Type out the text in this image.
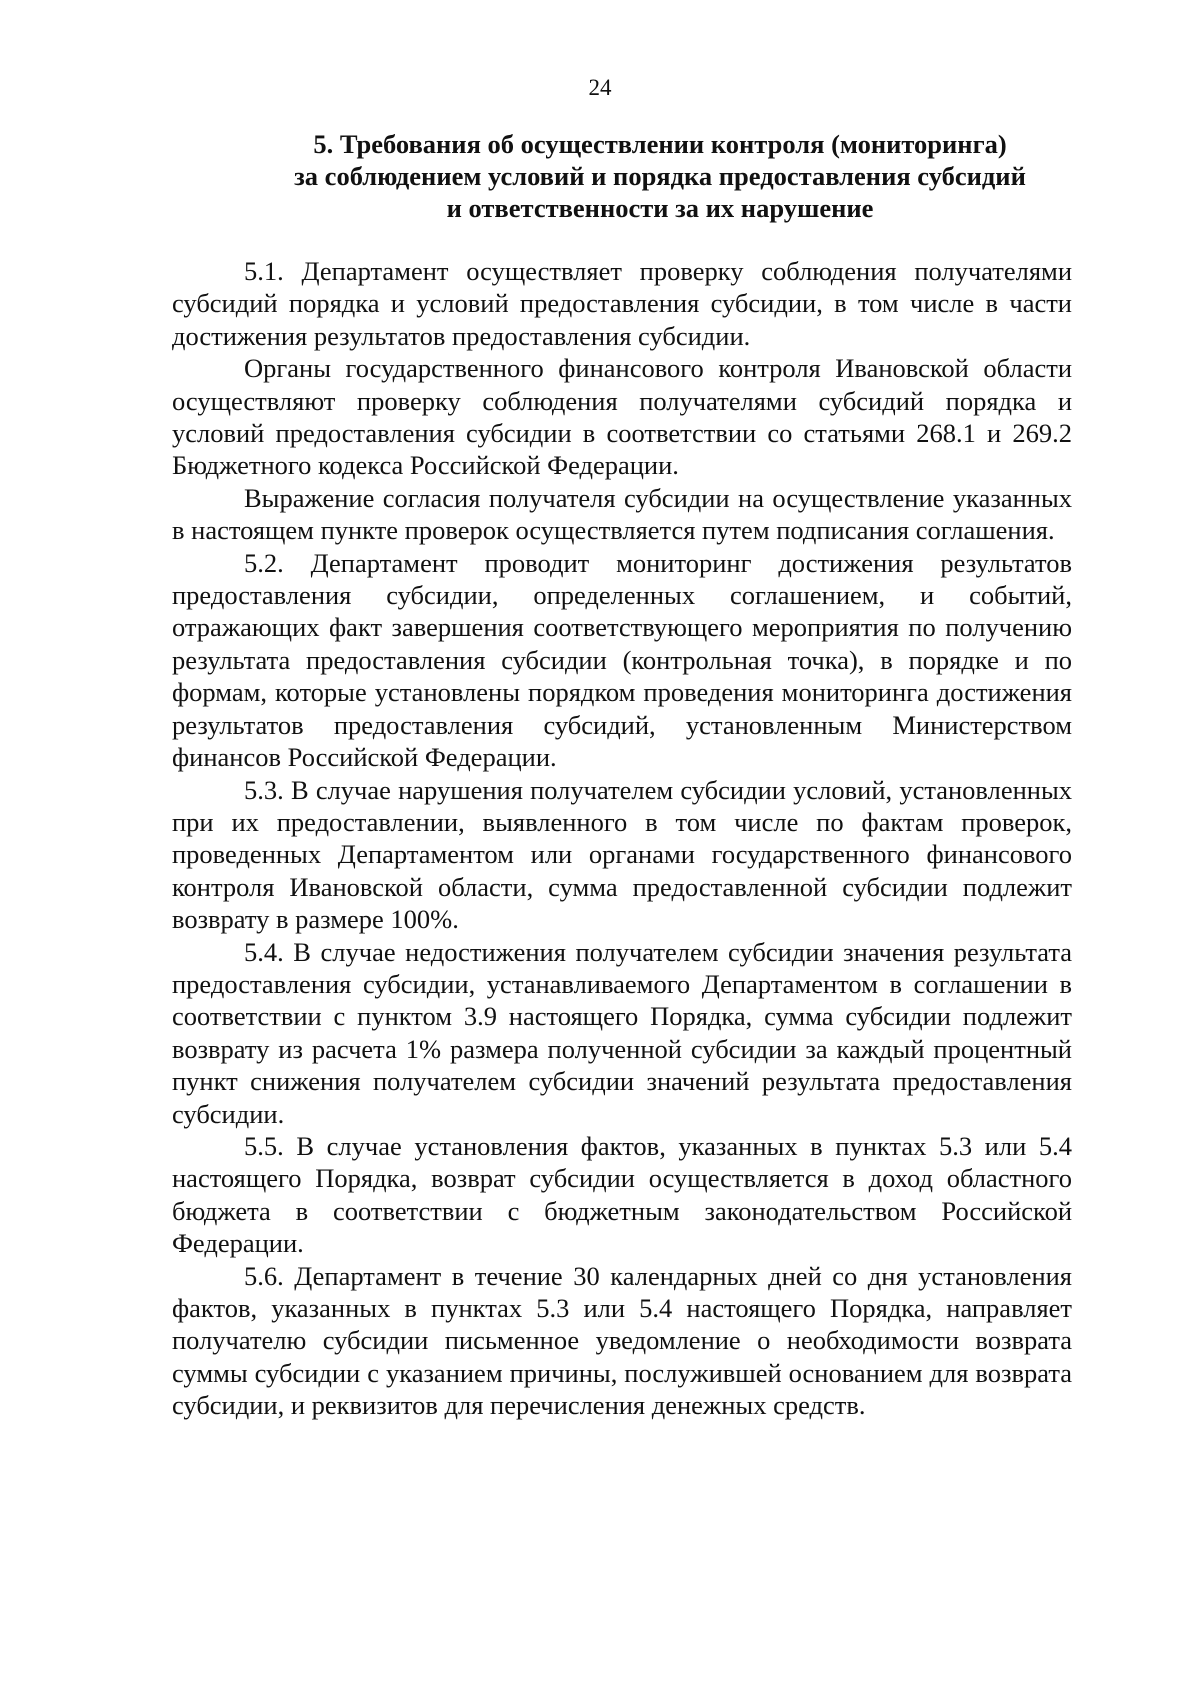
24
5. Требования об осуществлении контроля (мониторинга)
за соблюдением условий и порядка предоставления субсидий
и ответственности за их нарушение

5.1. Департамент осуществляет проверку соблюдения получателями субсидий порядка и условий предоставления субсидии, в том числе в части достижения результатов предоставления субсидии.

Органы государственного финансового контроля Ивановской области осуществляют проверку соблюдения получателями субсидий порядка и условий предоставления субсидии в соответствии со статьями 268.1 и 269.2 Бюджетного кодекса Российской Федерации.

Выражение согласия получателя субсидии на осуществление указанных в настоящем пункте проверок осуществляется путем подписания соглашения.

5.2. Департамент проводит мониторинг достижения результатов предоставления субсидии, определенных соглашением, и событий, отражающих факт завершения соответствующего мероприятия по получению результата предоставления субсидии (контрольная точка), в порядке и по формам, которые установлены порядком проведения мониторинга достижения результатов предоставления субсидий, установленным Министерством финансов Российской Федерации.

5.3. В случае нарушения получателем субсидии условий, установленных при их предоставлении, выявленного в том числе по фактам проверок, проведенных Департаментом или органами государственного финансового контроля Ивановской области, сумма предоставленной субсидии подлежит возврату в размере 100%.

5.4. В случае недостижения получателем субсидии значения результата предоставления субсидии, устанавливаемого Департаментом в соглашении в соответствии с пунктом 3.9 настоящего Порядка, сумма субсидии подлежит возврату из расчета 1% размера полученной субсидии за каждый процентный пункт снижения получателем субсидии значений результата предоставления субсидии.

5.5. В случае установления фактов, указанных в пунктах 5.3 или 5.4 настоящего Порядка, возврат субсидии осуществляется в доход областного бюджета в соответствии с бюджетным законодательством Российской Федерации.

5.6. Департамент в течение 30 календарных дней со дня установления фактов, указанных в пунктах 5.3 или 5.4 настоящего Порядка, направляет получателю субсидии письменное уведомление о необходимости возврата суммы субсидии с указанием причины, послужившей основанием для возврата субсидии, и реквизитов для перечисления денежных средств.
